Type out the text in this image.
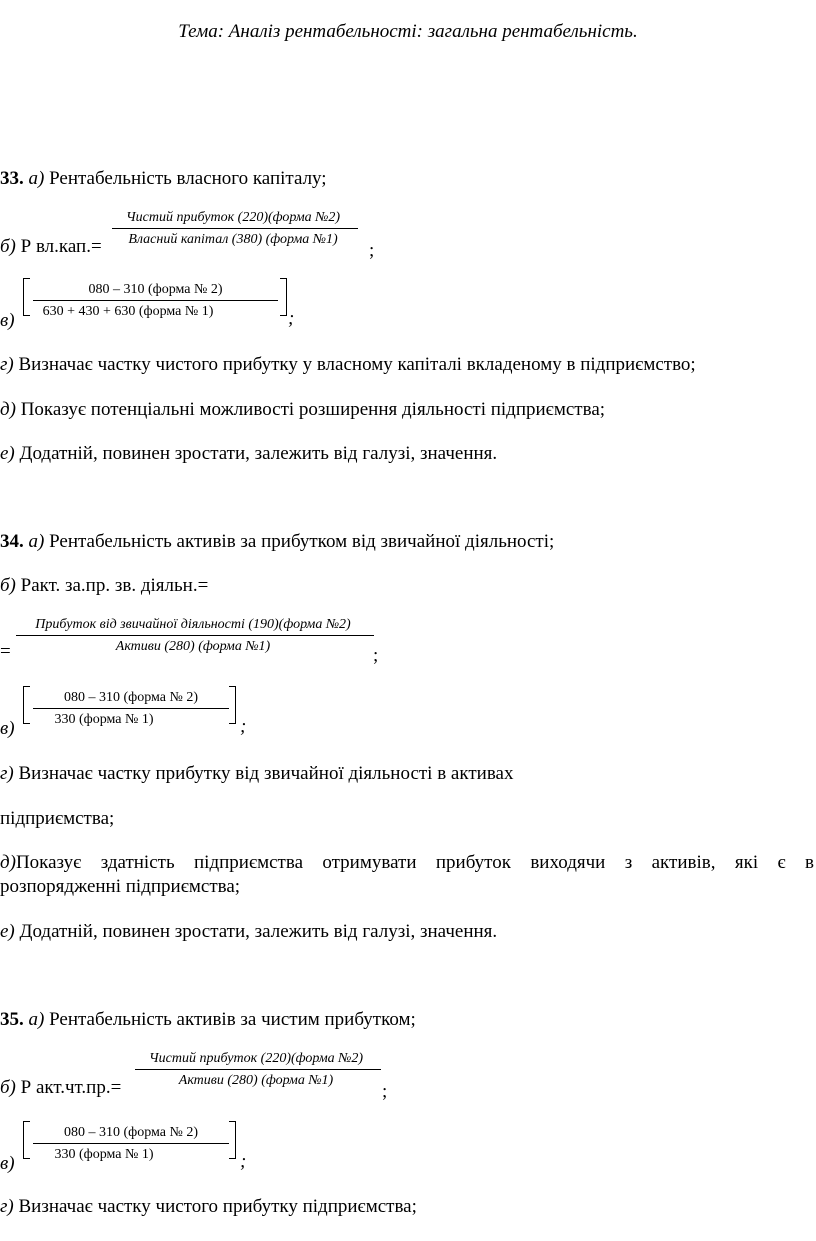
Тема: Аналіз рентабельності: загальна рентабельність.
33. а) Рентабельність власного капіталу;
б) Р вл.кап.=
Чистий прибуток (220)(форма №2)
Власний капітал (380) (форма №1)
;
в)
080 – 310 (форма № 2)
630 + 430 + 630 (форма № 1)	;
г) Визначає частку чистого прибутку у власному капіталі вкладеному в підприємство;
д) Показує потенціальні можливості розширення діяльності підприємства;
е) Додатній, повинен зростати, залежить від галузі, значення.
34. а) Рентабельність активів за прибутком від звичайної діяльності;
б) Ракт. за.пр. зв. діяльн.=
=
Прибуток від звичайної діяльності (190)(форма №2)
Активи (280) (форма №1)	;
в)
080 – 310 (форма № 2)
330 (форма № 1)	;
г) Визначає частку прибутку від звичайної діяльності в активах
підприємства;
д) Показує здатність підприємства отримувати прибуток виходячи з активів, які є в
розпорядженні підприємства;
е) Додатній, повинен зростати, залежить від галузі, значення.
35. а) Рентабельність активів за чистим прибутком;
б) Р акт.чт.пр.=
Чистий прибуток (220)(форма №2)
Активи (280) (форма №1)
;
в)
080 – 310 (форма № 2)
330 (форма № 1)	;
г) Визначає частку чистого прибутку підприємства;
